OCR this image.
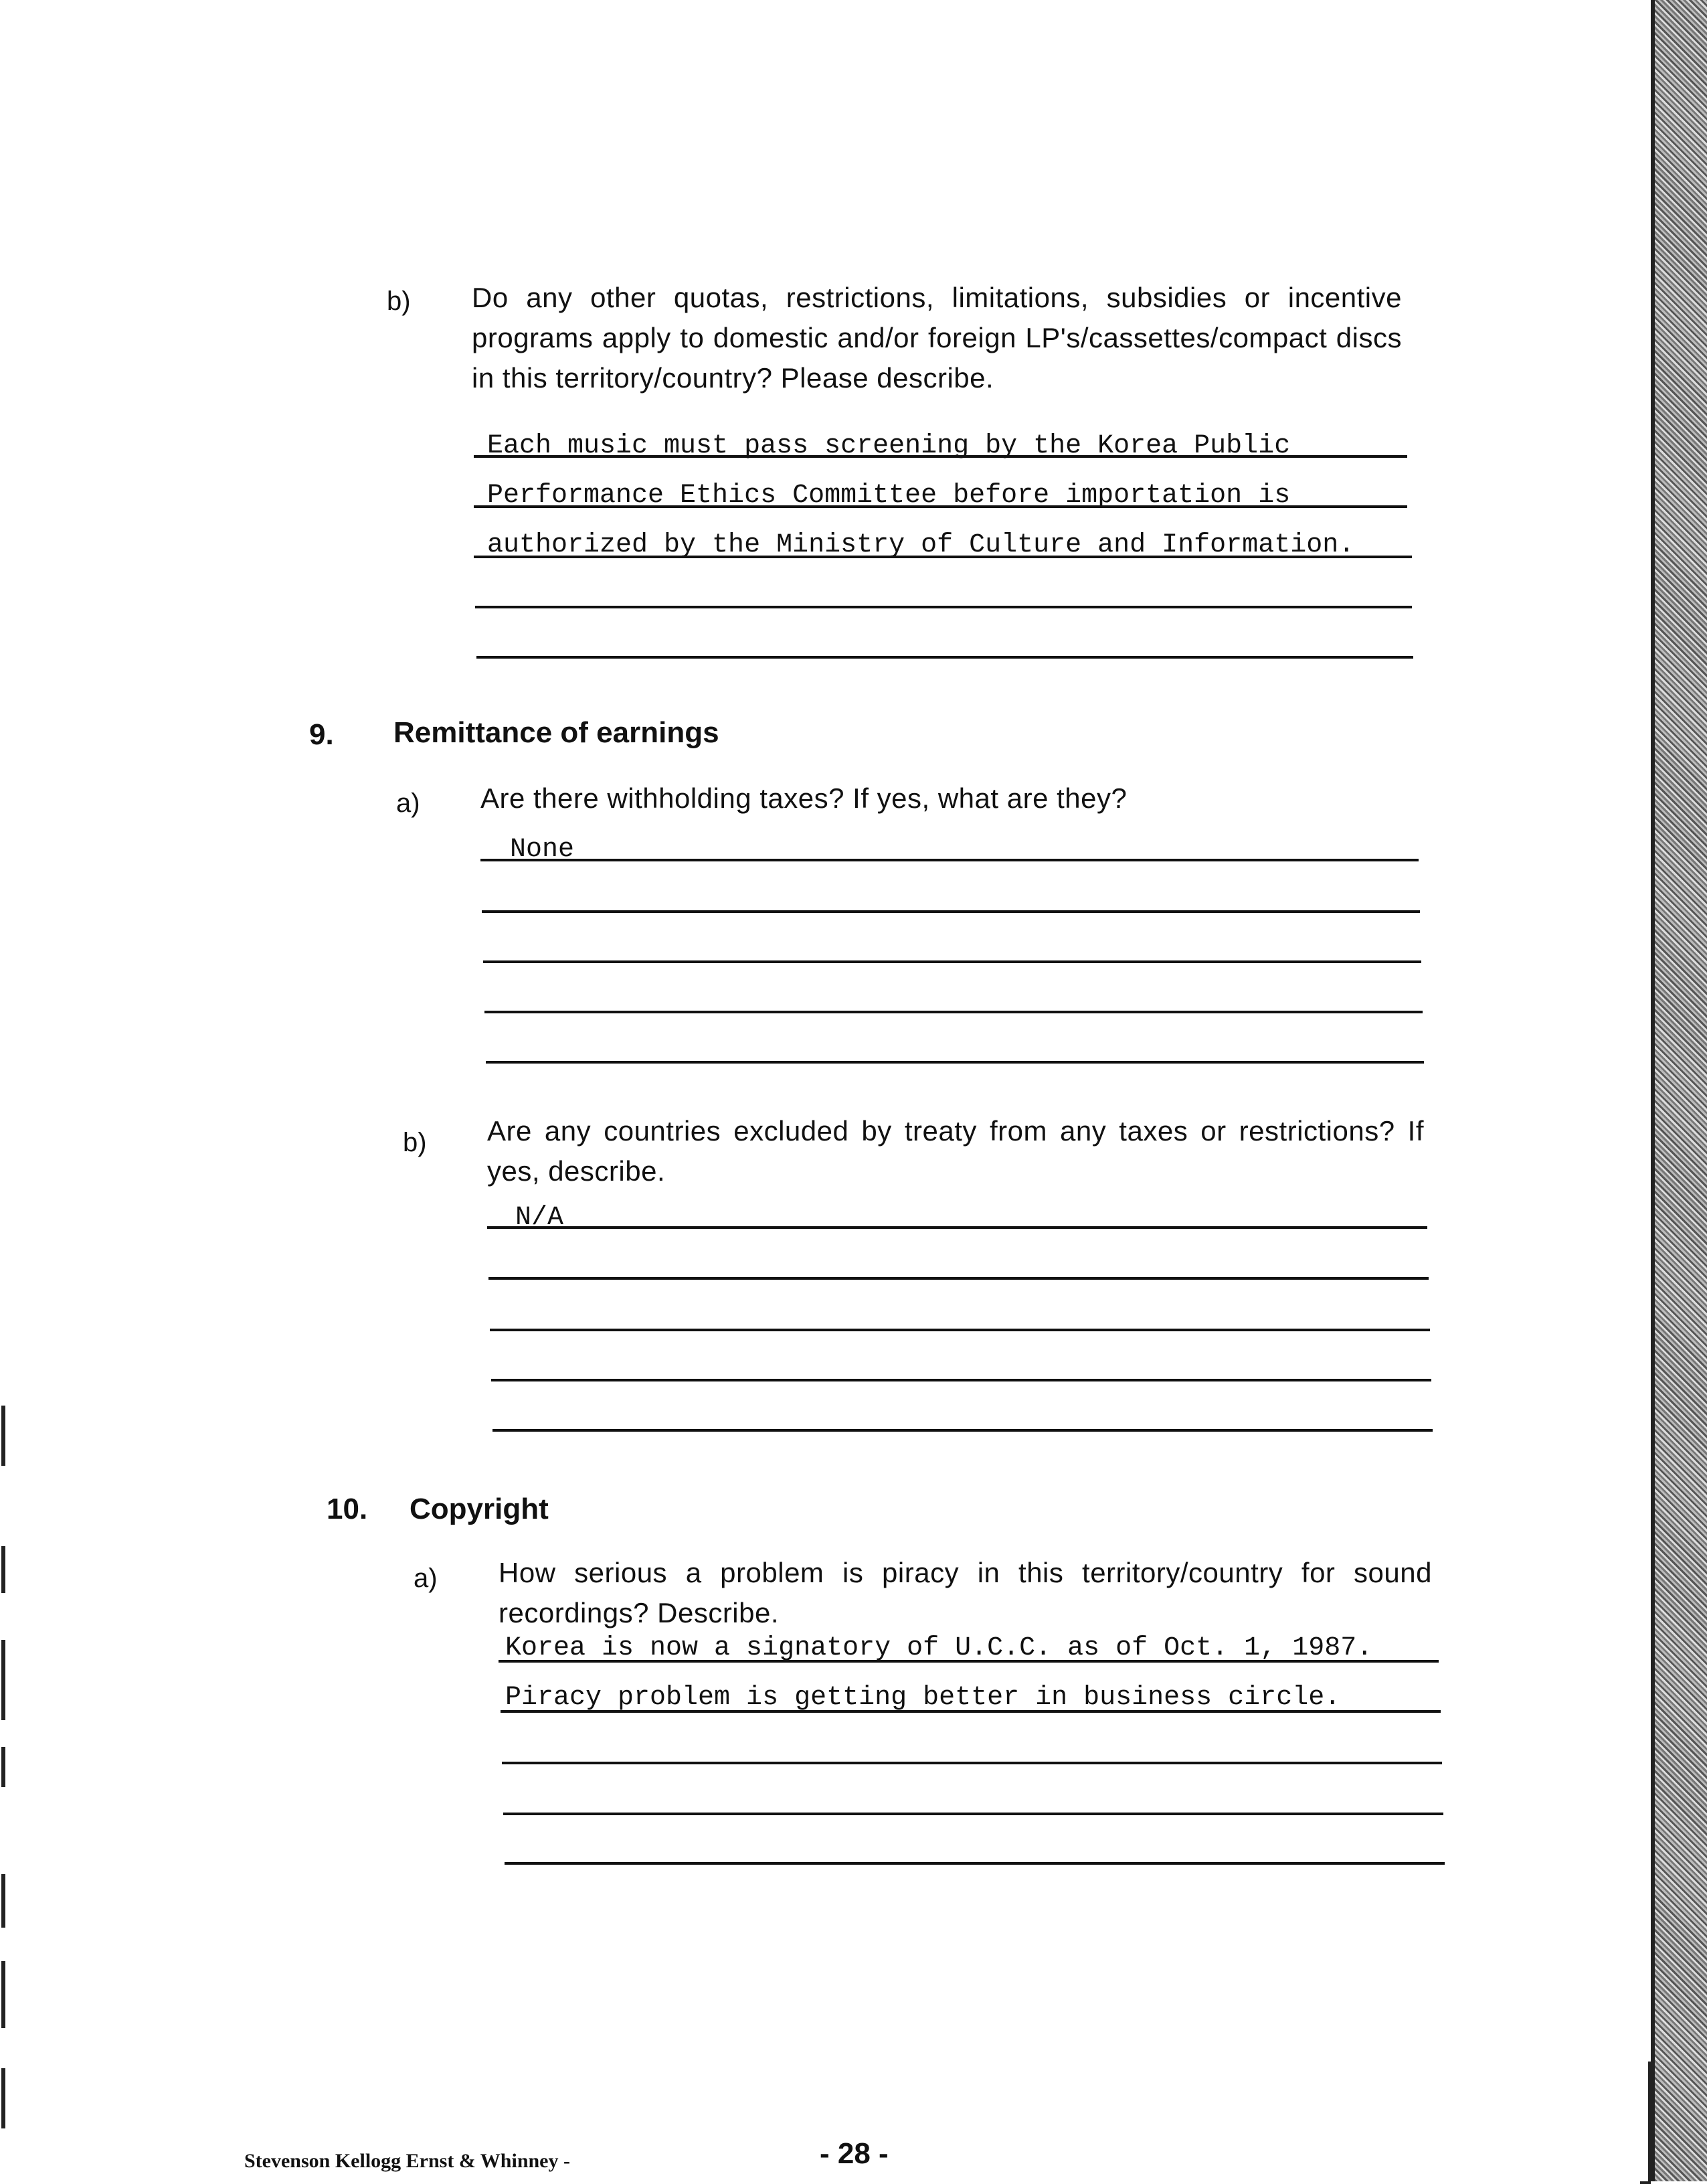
b) Do any other quotas, restrictions, limitations, subsidies or incentive programs apply to domestic and/or foreign LP's/cassettes/compact discs in this territory/country? Please describe.
Each music must pass screening by the Korea Public
Performance Ethics Committee before importation is
authorized by the Ministry of Culture and Information.
9. Remittance of earnings
a) Are there withholding taxes? If yes, what are they?
None
b) Are any countries excluded by treaty from any taxes or restrictions? If yes, describe.
N/A
10. Copyright
a) How serious a problem is piracy in this territory/country for sound recordings? Describe.
Korea is now a signatory of U.C.C. as of Oct. 1, 1987.
Piracy problem is getting better in business circle.
Stevenson Kellogg Ernst & Whinney -	- 28 -
